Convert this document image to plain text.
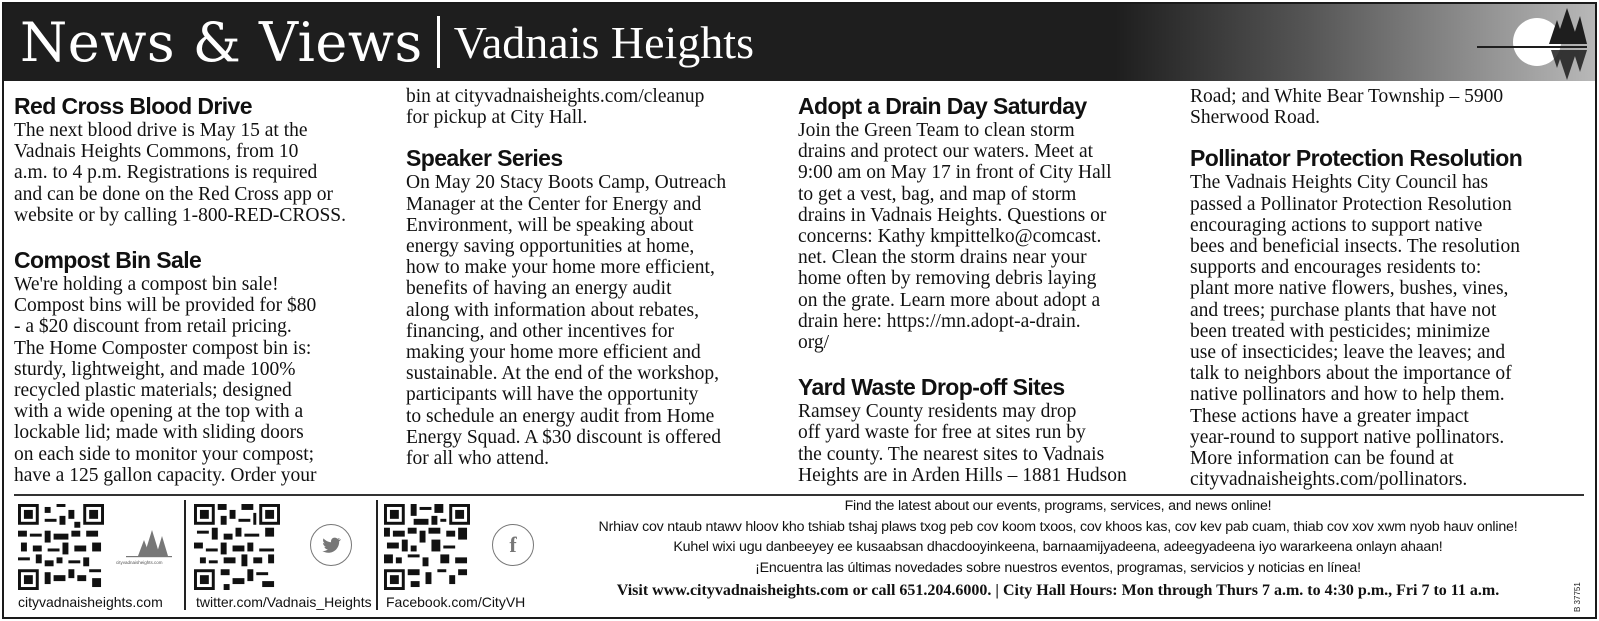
News & Views Vadnais Heights
Red Cross Blood Drive

The next blood drive is May 15 at the
Vadnais Heights Commons, from 10
a.m. to 4 p.m. Registrations is required
and can be done on the Red Cross app or
website or by calling 1-800-RED-CROSS.

Compost Bin Sale

We're holding a compost bin sale!
Compost bins will be provided for $80
- a $20 discount from retail pricing.
The Home Composter compost bin is:
sturdy, lightweight, and made 100%
recycled plastic materials; designed
with a wide opening at the top with a
lockable lid; made with sliding doors
on each side to monitor your compost;
have a 125 gallon capacity. Order your

bin at cityvadnaisheights.com/cleanup
for pickup at City Hall.

Speaker Series

On May 20 Stacy Boots Camp, Outreach
Manager at the Center for Energy and
Environment, will be speaking about
energy saving opportunities at home,
how to make your home more efficient,
benefits of having an energy audit
along with information about rebates,
financing, and other incentives for
making your home more efficient and
sustainable. At the end of the workshop,
participants will have the opportunity
to schedule an energy audit from Home
Energy Squad. A $30 discount is offered
for all who attend.

Adopt a Drain Day Saturday

Join the Green Team to clean storm
drains and protect our waters. Meet at
9:00 am on May 17 in front of City Hall
to get a vest, bag, and map of storm
drains in Vadnais Heights. Questions or
concerns: Kathy kmpittelko@comcast.
net. Clean the storm drains near your
home often by removing debris laying
on the grate. Learn more about adopt a
drain here: https://mn.adopt-a-drain.
org/

Yard Waste Drop-off Sites

Ramsey County residents may drop
off yard waste for free at sites run by
the county. The nearest sites to Vadnais
Heights are in Arden Hills – 1881 Hudson

Road; and White Bear Township – 5900
Sherwood Road.

Pollinator Protection Resolution

The Vadnais Heights City Council has
passed a Pollinator Protection Resolution
encouraging actions to support native
bees and beneficial insects. The resolution
supports and encourages residents to:
plant more native flowers, bushes, vines,
and trees; purchase plants that have not
been treated with pesticides; minimize
use of insecticides; leave the leaves; and
talk to neighbors about the importance of
native pollinators and how to help them.
These actions have a greater impact
year-round to support native pollinators.
More information can be found at
cityvadnaisheights.com/pollinators.

cityvadnaisheights.com
cityvadnaisheights.com twitter.com/Vadnais_Heights
f
Facebook.com/CityVH
Find the latest about our events, programs, services, and news online!
Nrhiav cov ntaub ntawv hloov kho tshiab tshaj plaws txog peb cov koom txoos, cov khoos kas, cov kev pab cuam, thiab cov xov xwm nyob hauv online!
Kuhel wixi ugu danbeeyey ee kusaabsan dhacdooyinkeena, barnaamijyadeena, adeegyadeena iyo wararkeena onlayn ahaan!
¡Encuentra las últimas novedades sobre nuestros eventos, programas, servicios y noticias en línea!
Visit www.cityvadnaisheights.com or call 651.204.6000. | City Hall Hours: Mon through Thurs 7 a.m. to 4:30 p.m., Fri 7 to 11 a.m.	B 37751
